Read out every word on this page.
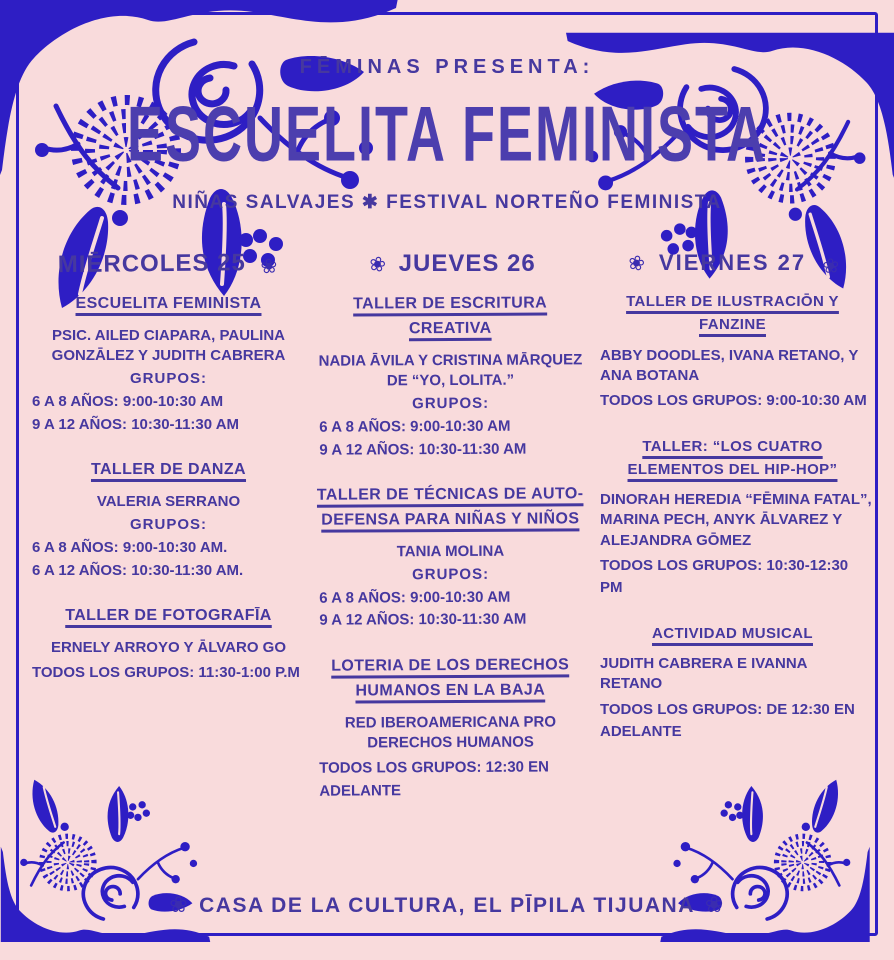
FĒMINAS PRESENTA:
ESCUELITA FEMINISTA
NIÑAS SALVAJES ✱ FESTIVAL NORTEÑO FEMINISTA
MIĒRCOLES 25 ❀
ESCUELITA FEMINISTA

PSIC. AILED CIAPARA, PAULINA GONZĀLEZ Y JUDITH CABRERA

GRUPOS:

6 A 8 AÑOS: 9:00-10:30 AM

9 A 12 AÑOS: 10:30-11:30 AM

TALLER DE DANZA

VALERIA SERRANO

GRUPOS:

6 A 8 AÑOS: 9:00-10:30 AM.

6 A 12 AÑOS: 10:30-11:30 AM.

TALLER DE FOTOGRAFĪA

ERNELY ARROYO Y ĀLVARO GO

TODOS LOS GRUPOS: 11:30-1:00 P.M

❀ JUEVES 26
TALLER DE ESCRITURA CREATIVA

NADIA ĀVILA Y CRISTINA MĀRQUEZ DE “YO, LOLITA.”

GRUPOS:

6 A 8 AÑOS: 9:00-10:30 AM

9 A 12 AÑOS: 10:30-11:30 AM

TALLER DE TÉCNICAS DE AUTO-DEFENSA PARA NIÑAS Y NIÑOS

TANIA MOLINA

GRUPOS:

6 A 8 AÑOS: 9:00-10:30 AM

9 A 12 AÑOS: 10:30-11:30 AM

LOTERIA DE LOS DERECHOS HUMANOS EN LA BAJA

RED IBEROAMERICANA PRO DERECHOS HUMANOS

TODOS LOS GRUPOS: 12:30 EN ADELANTE

❀ VIERNES 27 ❀
TALLER DE ILUSTRACIŌN Y FANZINE

ABBY DOODLES, IVANA RETANO, Y ANA BOTANA

TODOS LOS GRUPOS: 9:00-10:30 AM

TALLER: “LOS CUATRO ELEMENTOS DEL HIP-HOP”

DINORAH HEREDIA “FĒMINA FATAL”, MARINA PECH, ANYK ĀLVAREZ Y ALEJANDRA GŌMEZ

TODOS LOS GRUPOS: 10:30-12:30 PM

ACTIVIDAD MUSICAL

JUDITH CABRERA E IVANNA RETANO

TODOS LOS GRUPOS: DE 12:30 EN ADELANTE

❀ CASA DE LA CULTURA, EL PĪPILA TIJUANA ❀
